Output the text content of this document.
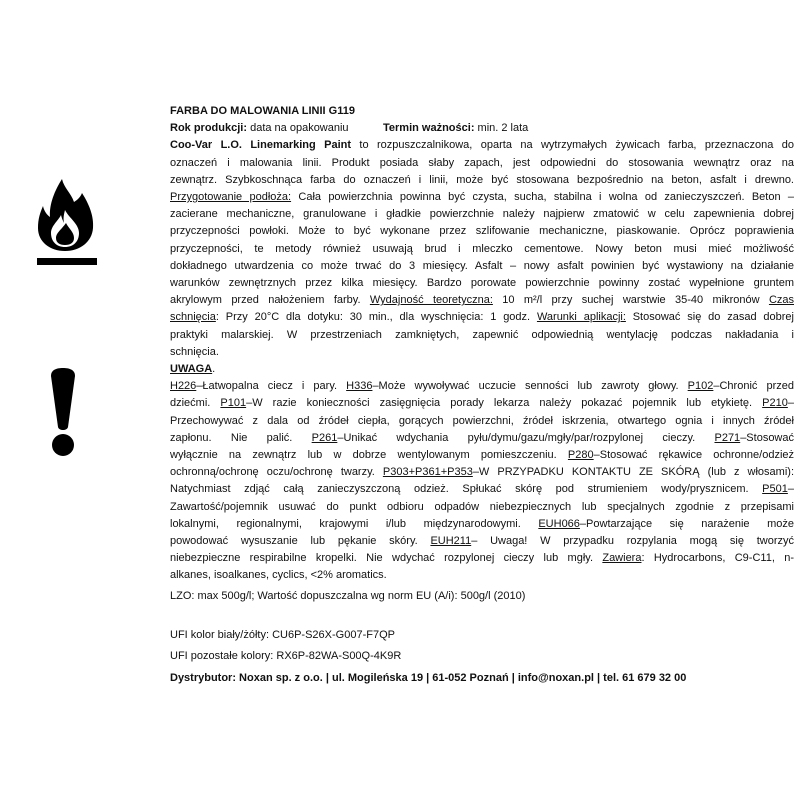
FARBA DO MALOWANIA LINII G119
Rok produkcji: data na opakowaniu	Termin ważności: min. 2 lata
Coo-Var L.O. Linemarking Paint to rozpuszczalnikowa, oparta na wytrzymałych żywicach farba, przeznaczona do
oznaczeń i malowania linii. Produkt posiada słaby zapach, jest odpowiedni do stosowania wewnątrz oraz na
zewnątrz. Szybkoschnąca farba do oznaczeń i linii, może być stosowana bezpośrednio na beton, asfalt i drewno.
Przygotowanie podłoża: Cała powierzchnia powinna być czysta, sucha, stabilna i wolna od zanieczyszczeń. Beton –
zacierane mechaniczne, granulowane i gładkie powierzchnie należy najpierw zmatowić w celu zapewnienia dobrej
przyczepności powłoki. Może to być wykonane przez szlifowanie mechaniczne, piaskowanie. Oprócz poprawienia
przyczepności, te metody również usuwają brud i mleczko cementowe. Nowy beton musi mieć możliwość
dokładnego utwardzenia co może trwać do 3 miesięcy. Asfalt – nowy asfalt powinien być wystawiony na działanie
warunków zewnętrznych przez kilka miesięcy. Bardzo porowate powierzchnie powinny zostać wypełnione gruntem
akrylowym przed nałożeniem farby. Wydajność teoretyczna: 10 m²/l przy suchej warstwie 35-40 mikronów Czas
schnięcia: Przy 20°C dla dotyku: 30 min., dla wyschnięcia: 1 godz. Warunki aplikacji: Stosować się do zasad dobrej
praktyki malarskiej. W przestrzeniach zamkniętych, zapewnić odpowiednią wentylację podczas nakładania i
schnięcia.
UWAGA.
H226–Łatwopalna ciecz i pary. H336–Może wywoływać uczucie senności lub zawroty głowy. P102–Chronić przed
dziećmi. P101–W razie konieczności zasięgnięcia porady lekarza należy pokazać pojemnik lub etykietę. P210–
Przechowywać z dala od źródeł ciepła, gorących powierzchni, źródeł iskrzenia, otwartego ognia i innych źródeł
zapłonu. Nie palić. P261–Unikać wdychania pyłu/dymu/gazu/mgły/par/rozpylonej cieczy. P271–Stosować
wyłącznie na zewnątrz lub w dobrze wentylowanym pomieszczeniu. P280–Stosować rękawice ochronne/odzież
ochronną/ochronę oczu/ochronę twarzy. P303+P361+P353–W PRZYPADKU KONTAKTU ZE SKÓRĄ (lub z włosami):
Natychmiast zdjąć całą zanieczyszczoną odzież. Spłukać skórę pod strumieniem wody/prysznicem. P501–
Zawartość/pojemnik usuwać do punkt odbioru odpadów niebezpiecznych lub specjalnych zgodnie z przepisami
lokalnymi, regionalnymi, krajowymi i/lub międzynarodowymi. EUH066–Powtarzające się narażenie może
powodować wysuszanie lub pękanie skóry. EUH211– Uwaga! W przypadku rozpylania mogą się tworzyć
niebezpieczne respirabilne kropelki. Nie wdychać rozpylonej cieczy lub mgły. Zawiera: Hydrocarbons, C9-C11, n-
alkanes, isoalkanes, cyclics, <2% aromatics.
LZO: max 500g/l; Wartość dopuszczalna wg norm EU (A/i): 500g/l (2010)
UFI kolor biały/żółty: CU6P-S26X-G007-F7QP
UFI pozostałe kolory: RX6P-82WA-S00Q-4K9R
Dystrybutor: Noxan sp. z o.o. | ul. Mogileńska 19 | 61-052 Poznań | info@noxan.pl | tel. 61 679 32 00
